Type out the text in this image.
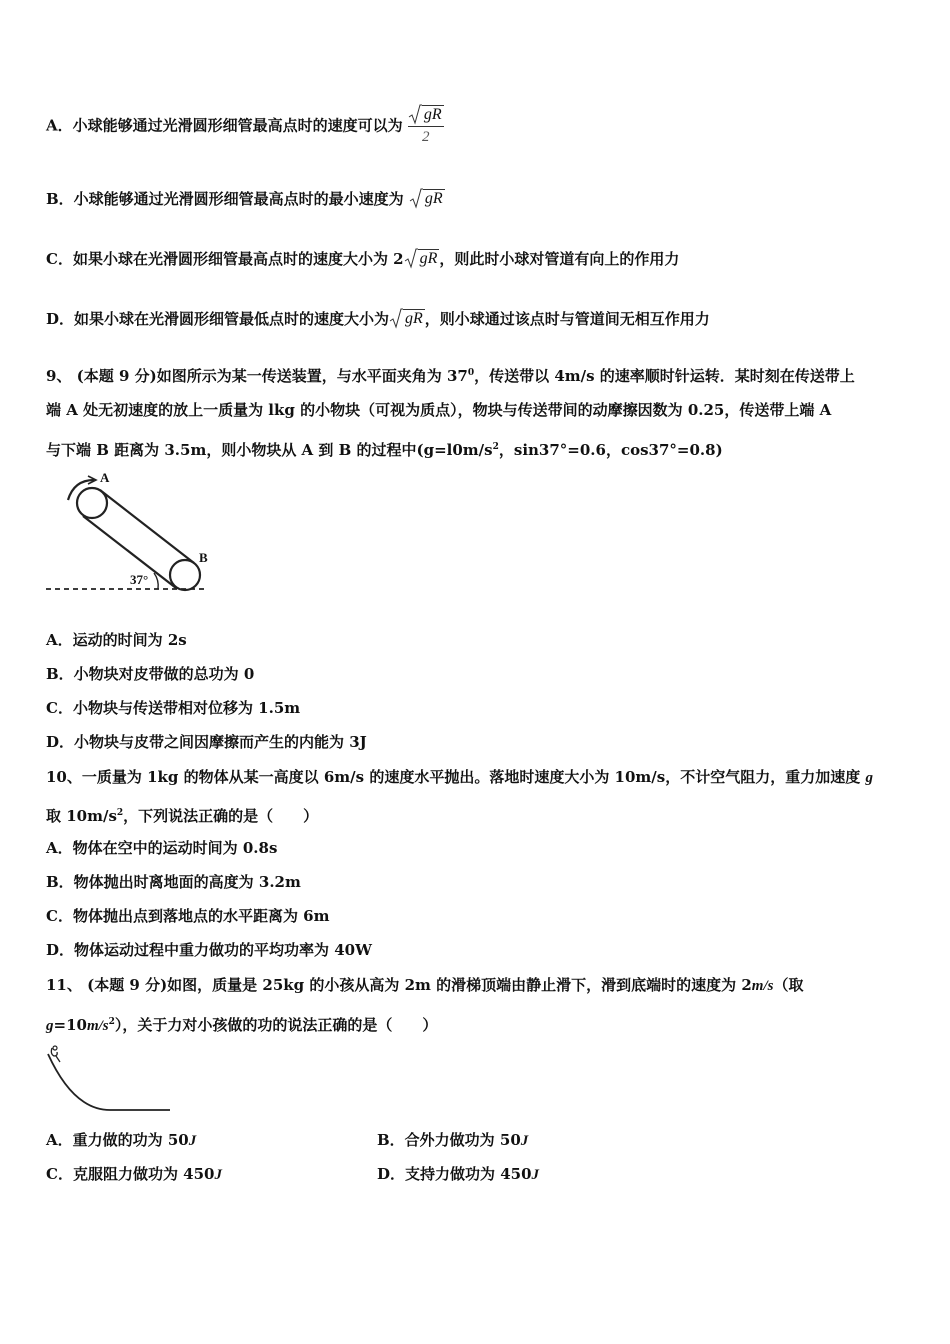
A．小球能够通过光滑圆形细管最高点时的速度可以为 $\frac{gR}{2}$
B．小球能够通过光滑圆形细管最高点时的最小速度为 gR
C．如果小球在光滑圆形细管最高点时的速度大小为 2 gR ，则此时小球对管道有向上的作用力
D．如果小球在光滑圆形细管最低点时的速度大小为 gR ，则小球通过该点时与管道间无相互作用力
9、 (本题 9 分)如图所示为某一传送装置，与水平面夹角为 $37^0$，传送带以 4m/s 的速率顺时针运转．某时刻在传送带上
端 A 处无初速度的放上一质量为 lkg 的小物块（可视为质点），物块与传送带间的动摩擦因数为 0.25，传送带上端 A
与下端 B 距离为 3.5m，则小物块从 A 到 B 的过程中($g=l0m/s^2$，sin37°=0.6，cos37°=0.8)
A
B
37°
A．运动的时间为 2s
B．小物块对皮带做的总功为 0
C．小物块与传送带相对位移为 1.5m
D．小物块与皮带之间因摩擦而产生的内能为 3J
10、一质量为 1kg 的物体从某一高度以 6m/s 的速度水平抛出。落地时速度大小为 10m/s，不计空气阻力，重力加速度 g
取 $10m/s^2$，下列说法正确的是（　　）
A．物体在空中的运动时间为 0.8s
B．物体抛出时离地面的高度为 3.2m
C．物体抛出点到落地点的水平距离为 6m
D．物体运动过程中重力做功的平均功率为 40W
11、 (本题 9 分)如图，质量是 25kg 的小孩从高为 2m 的滑梯顶端由静止滑下，滑到底端时的速度为 2m/s（取
$g=10m/s^2$），关于力对小孩做的功的说法正确的是（　　）
A．重力做的功为 50J	B．合外力做功为 50J
C．克服阻力做功为 450J	D．支持力做功为 450J
